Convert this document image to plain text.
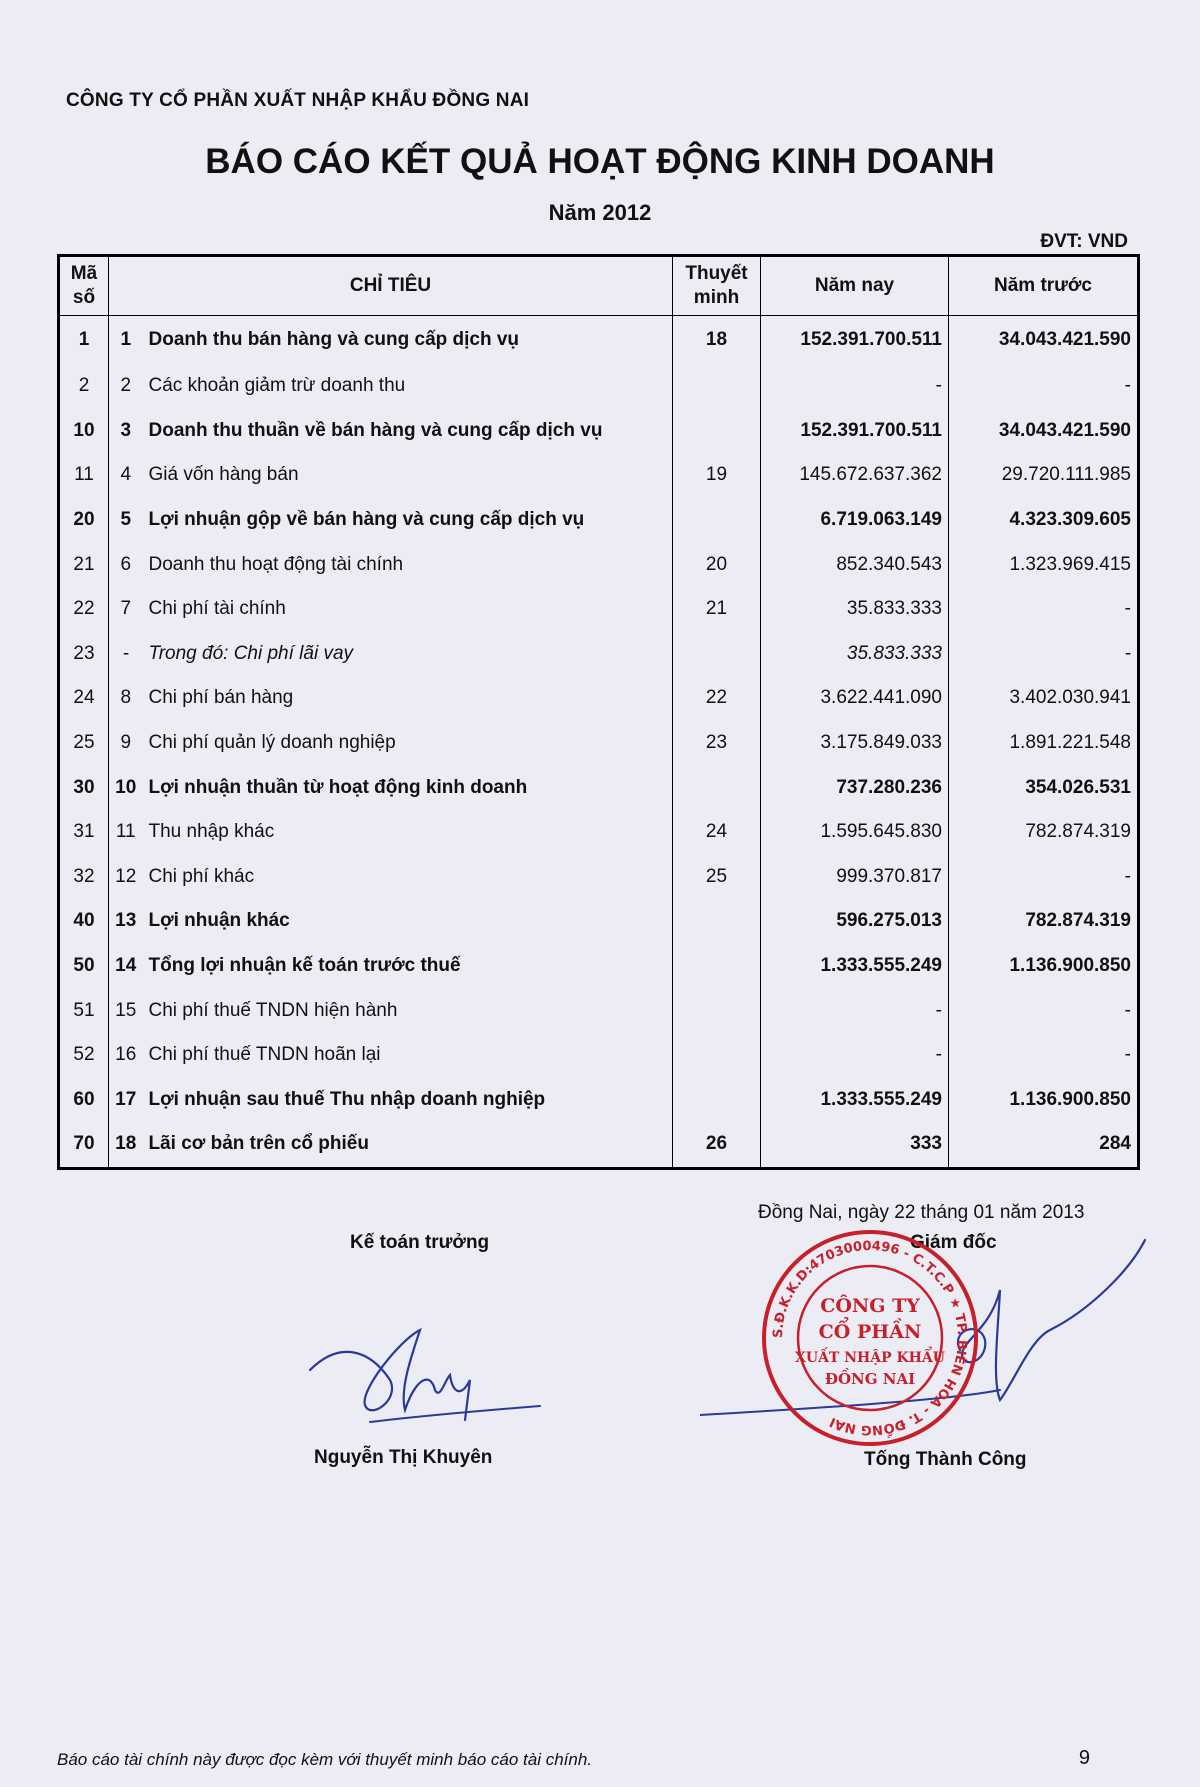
CÔNG TY CỔ PHẦN XUẤT NHẬP KHẨU ĐỒNG NAI
BÁO CÁO KẾT QUẢ HOẠT ĐỘNG KINH DOANH
Năm 2012
ĐVT: VND
Mã số	CHỈ TIÊU		Thuyết minh	Năm nay	Năm trước
1	1	Doanh thu bán hàng và cung cấp dịch vụ	18	152.391.700.511	34.043.421.590
2	2	Các khoản giảm trừ doanh thu		-	-
10	3	Doanh thu thuần về bán hàng và cung cấp dịch vụ		152.391.700.511	34.043.421.590
11	4	Giá vốn hàng bán	19	145.672.637.362	29.720.111.985
20	5	Lợi nhuận gộp về bán hàng và cung cấp dịch vụ		6.719.063.149	4.323.309.605
21	6	Doanh thu hoạt động tài chính	20	852.340.543	1.323.969.415
22	7	Chi phí tài chính	21	35.833.333	-
23	-	Trong đó: Chi phí lãi vay		35.833.333	-
24	8	Chi phí bán hàng	22	3.622.441.090	3.402.030.941
25	9	Chi phí quản lý doanh nghiệp	23	3.175.849.033	1.891.221.548
30	10	Lợi nhuận thuần từ hoạt động kinh doanh		737.280.236	354.026.531
31	11	Thu nhập khác	24	1.595.645.830	782.874.319
32	12	Chi phí khác	25	999.370.817	-
40	13	Lợi nhuận khác		596.275.013	782.874.319
50	14	Tổng lợi nhuận kế toán trước thuế		1.333.555.249	1.136.900.850
51	15	Chi phí thuế TNDN hiện hành		-	-
52	16	Chi phí thuế TNDN hoãn lại		-	-
60	17	Lợi nhuận sau thuế Thu nhập doanh nghiệp		1.333.555.249	1.136.900.850
70	18	Lãi cơ bản trên cổ phiếu	26	333	284
Đồng Nai, ngày 22 tháng 01 năm 2013
Kế toán trưởng	Giám đốc
S.Đ.K.K.D:4703000496 - C.T.C.P ★ TP. BIÊN HÒA - T. ĐỒNG NAI
CÔNG TY
CỔ PHẦN
XUẤT NHẬP KHẨU
ĐỒNG NAI
Nguyễn Thị Khuyên	Tống Thành Công
Báo cáo tài chính này được đọc kèm với thuyết minh báo cáo tài chính.	9
